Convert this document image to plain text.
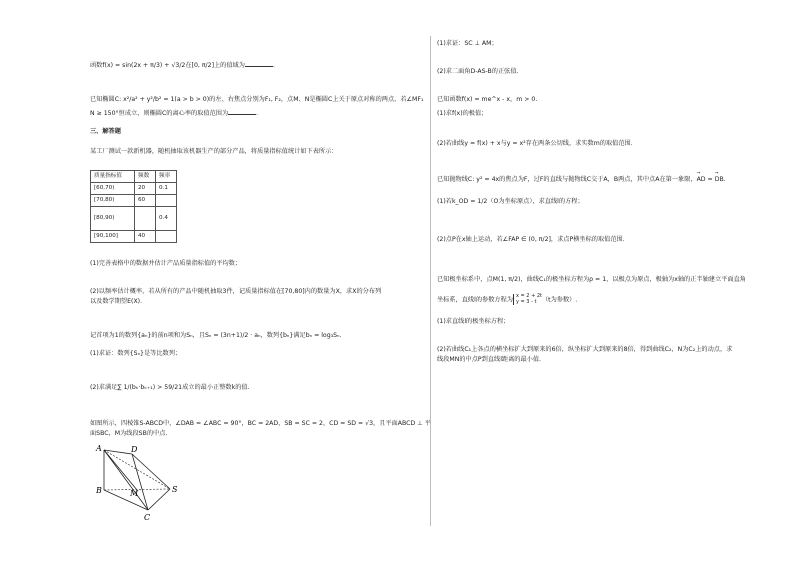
函数f(x) = sin(2x + π/3) + √3/2在[0, π/2]上的值域为	.
已知椭圆C: x²/a² + y²/b² = 1(a > b > 0)的左、右焦点分别为F₁, F₂，点M、N是椭圆C上关于原点对称的两点，若∠MF₁
N ≥ 150°恒成立，则椭圆C的离心率的取值范围为	.
三、解答题
某工厂测试一款新机器，随机抽取该机器生产的部分产品，将质量指标值统计如下表所示：
质量指标值	频数	频率
[60,70)	20	0.1
[70,80)	60	
[80,90)		0.4
[90,100]	40	
(1)完善表格中的数据并估计产品质量指标值的平均数；
(2)以频率估计概率，若从所有的产品中随机抽取3件，记质量指标值在[70,80]内的数量为X，求X的分布列
以及数学期望E(X).
记首项为1的数列{aₙ}的前n项和为Sₙ，且Sₙ = (3n+1)/2 · aₙ，数列{bₙ}满足bₙ = log₃Sₙ.
(1)求证：数列{Sₙ}是等比数列；
(2)求满足∑ 1/(bₖ·bₖ₊₁) > 59/21成立的最小正整数k的值.
如图所示，四棱锥S-ABCD中，∠DAB = ∠ABC = 90°，BC = 2AD，SB = SC = 2，CD = SD = √3，且平面ABCD ⊥ 平
面SBC，M为线段SB的中点.
A	D
B	M	S
C
(1)求证：SC ⊥ AM；
(2)求二面角D-AS-B的正弦值.
已知函数f(x) = me^x - x，m > 0.
(1)求f(x)的极值；
(2)若曲线y = f(x) + x与y = x²存在两条公切线，求实数m的取值范围.
已知抛物线C: y² = 4x的焦点为F，过F的直线与抛物线C交于A，B两点，其中点A在第一象限，→ AD = → DB.
(1)若k_OD = 1/2（O为坐标原点），求直线l的方程；
(2)点P在x轴上运动，若∠FAP ∈ (0, π/2]，求点P横坐标的取值范围.
已知极坐标系中，点M(1, π/2)，曲线C₁的极坐标方程为ρ = 1，以极点为原点，极轴为x轴的正半轴建立平面直角
坐标系，直线l的参数方程为
x = 2 + 2t
y = 3 - t （t为参数）.
(1)求直线l的极坐标方程；
(2)若曲线C₁上各点的横坐标扩大到原来的6倍，纵坐标扩大到原来的8倍，得到曲线C₂，N为C₂上的动点，求
线段MN的中点P到直线l距离的最小值.
